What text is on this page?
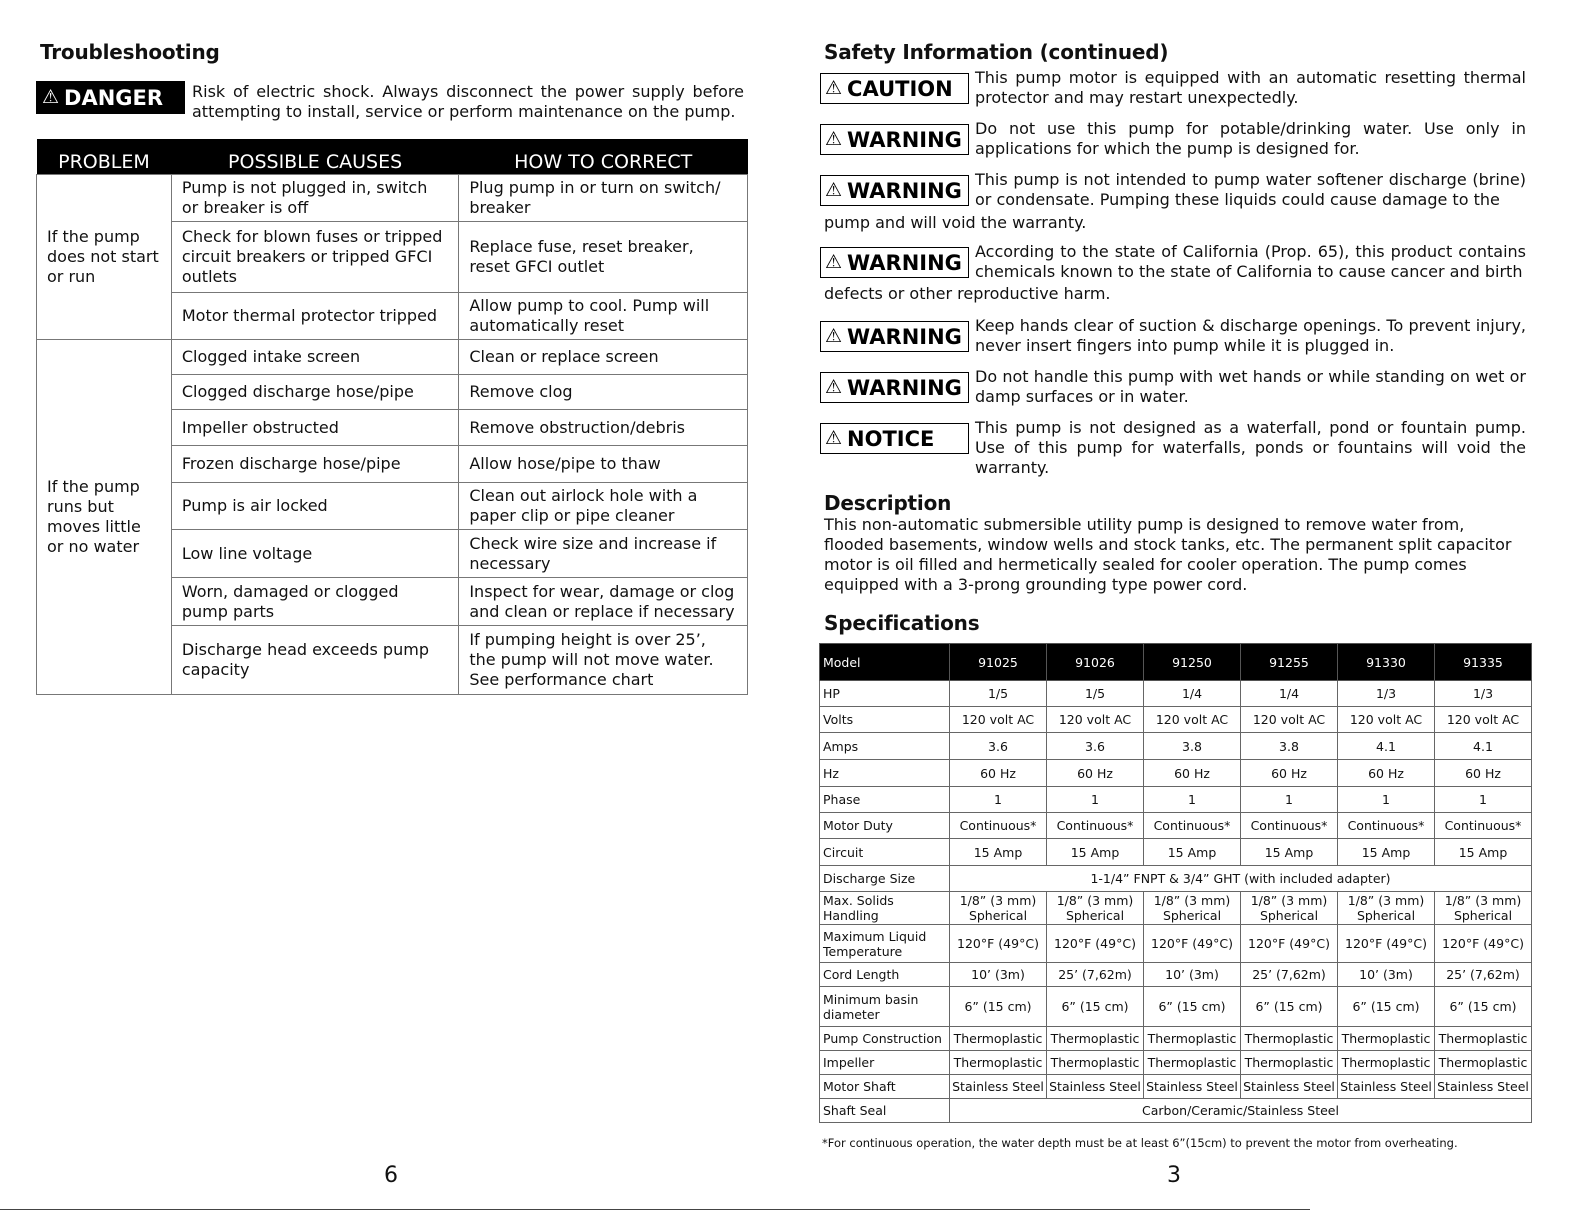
Troubleshooting
⚠ DANGER Risk of electric shock. Always disconnect the power supply before attempting to install, service or perform maintenance on the pump.
PROBLEM	POSSIBLE CAUSES	HOW TO CORRECT
If the pump does not start or run	Pump is not plugged in, switch or breaker is off	Plug pump in or turn on switch/ breaker
	Check for blown fuses or tripped circuit breakers or tripped GFCI outlets	Replace fuse, reset breaker, reset GFCI outlet
	Motor thermal protector tripped	Allow pump to cool. Pump will automatically reset
If the pump runs but moves little or no water	Clogged intake screen	Clean or replace screen
	Clogged discharge hose/pipe	Remove clog
	Impeller obstructed	Remove obstruction/debris
	Frozen discharge hose/pipe	Allow hose/pipe to thaw
	Pump is air locked	Clean out airlock hole with a paper clip or pipe cleaner
	Low line voltage	Check wire size and increase if necessary
	Worn, damaged or clogged pump parts	Inspect for wear, damage or clog and clean or replace if necessary
	Discharge head exceeds pump capacity	If pumping height is over 25’, the pump will not move water. See performance chart
6
Safety Information (continued)
⚠ CAUTION This pump motor is equipped with an automatic resetting thermal protector and may restart unexpectedly.
⚠ WARNING Do not use this pump for potable/drinking water. Use only in applications for which the pump is designed for.
⚠ WARNING This pump is not intended to pump water softener discharge (brine) or condensate. Pumping these liquids could cause damage to the
pump and will void the warranty.
⚠ WARNING According to the state of California (Prop. 65), this product contains chemicals known to the state of California to cause cancer and birth
defects or other reproductive harm.
⚠ WARNING Keep hands clear of suction & discharge openings. To prevent injury, never insert fingers into pump while it is plugged in.
⚠ WARNING Do not handle this pump with wet hands or while standing on wet or damp surfaces or in water.
⚠ NOTICE	This pump is not designed as a waterfall, pond or fountain pump. Use of this pump for waterfalls, ponds or fountains will void the warranty.
Description
This non-automatic submersible utility pump is designed to remove water from, flooded basements, window wells and stock tanks, etc. The permanent split capacitor motor is oil filled and hermetically sealed for cooler operation. The pump comes equipped with a 3-prong grounding type power cord.
Specifications
Model	91025	91026	91250	91255	91330	91335
HP	1/5	1/5	1/4	1/4	1/3	1/3
Volts	120 volt AC	120 volt AC	120 volt AC	120 volt AC	120 volt AC	120 volt AC
Amps	3.6	3.6	3.8	3.8	4.1	4.1
Hz	60 Hz	60 Hz	60 Hz	60 Hz	60 Hz	60 Hz
Phase	1	1	1	1	1	1
Motor Duty	Continuous*	Continuous*	Continuous*	Continuous*	Continuous*	Continuous*
Circuit	15 Amp	15 Amp	15 Amp	15 Amp	15 Amp	15 Amp
Discharge Size	1-1/4” FNPT & 3/4” GHT (with included adapter)					
Max. Solids Handling	1/8” (3 mm) Spherical	1/8” (3 mm) Spherical	1/8” (3 mm) Spherical	1/8” (3 mm) Spherical	1/8” (3 mm) Spherical	1/8” (3 mm) Spherical
Maximum Liquid Temperature	120°F (49°C)	120°F (49°C)	120°F (49°C)	120°F (49°C)	120°F (49°C)	120°F (49°C)
Cord Length	10’ (3m)	25’ (7,62m)	10’ (3m)	25’ (7,62m)	10’ (3m)	25’ (7,62m)
Minimum basin diameter	6” (15 cm)	6” (15 cm)	6” (15 cm)	6” (15 cm)	6” (15 cm)	6” (15 cm)
Pump Construction	Thermoplastic	Thermoplastic	Thermoplastic	Thermoplastic	Thermoplastic	Thermoplastic
Impeller	Thermoplastic	Thermoplastic	Thermoplastic	Thermoplastic	Thermoplastic	Thermoplastic
Motor Shaft	Stainless Steel	Stainless Steel	Stainless Steel	Stainless Steel	Stainless Steel	Stainless Steel
Shaft Seal	Carbon/Ceramic/Stainless Steel					
*For continuous operation, the water depth must be at least 6”(15cm) to prevent the motor from overheating.
3
